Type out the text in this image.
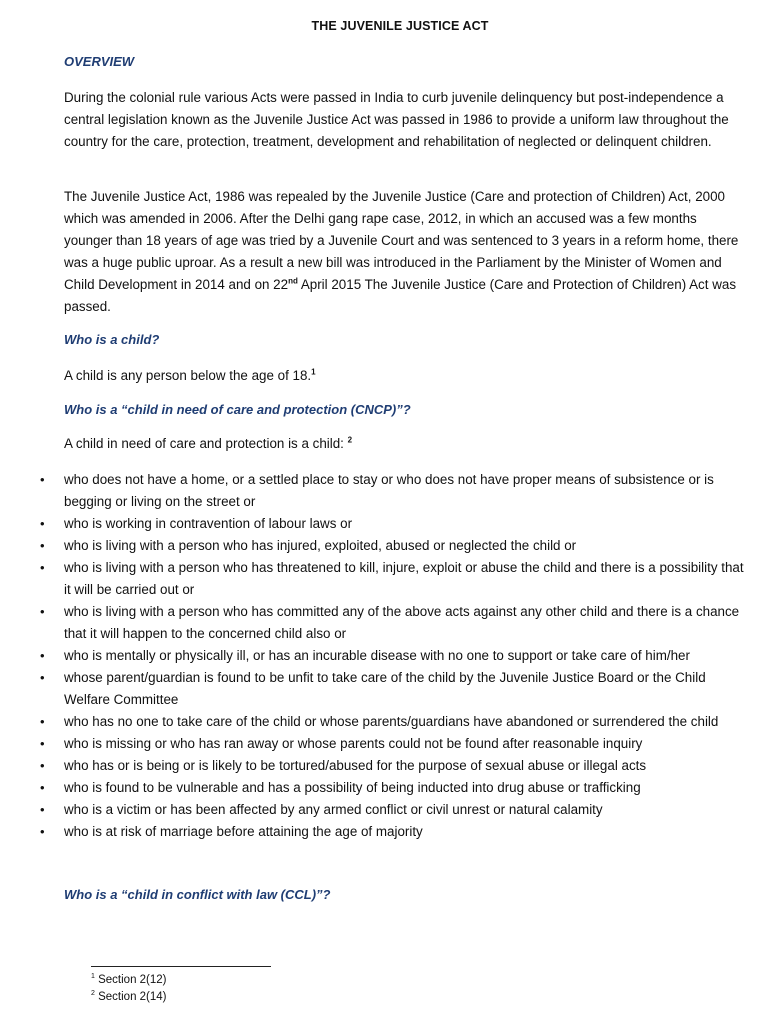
THE JUVENILE JUSTICE ACT
OVERVIEW

During the colonial rule various Acts were passed in India to curb juvenile delinquency but post-independence a central legislation known as the Juvenile Justice Act was passed in 1986 to provide a uniform law throughout the country for the care, protection, treatment, development and rehabilitation of neglected or delinquent children.

The Juvenile Justice Act, 1986 was repealed by the Juvenile Justice (Care and protection of Children) Act, 2000 which was amended in 2006. After the Delhi gang rape case, 2012, in which an accused was a few months younger than 18 years of age was tried by a Juvenile Court and was sentenced to 3 years in a reform home, there was a huge public uproar. As a result a new bill was introduced in the Parliament by the Minister of Women and Child Development in 2014 and on 22nd April 2015 The Juvenile Justice (Care and Protection of Children) Act was passed.

Who is a child?

A child is any person below the age of 18.$^1$

Who is a “child in need of care and protection (CNCP)”?

A child in need of care and protection is a child: $^2$

• who does not have a home, or a settled place to stay or who does not have proper means of subsistence or is begging or living on the street or
• who is working in contravention of labour laws or
• who is living with a person who has injured, exploited, abused or neglected the child or
• who is living with a person who has threatened to kill, injure, exploit or abuse the child and there is a possibility that it will be carried out or
• who is living with a person who has committed any of the above acts against any other child and there is a chance that it will happen to the concerned child also or
• who is mentally or physically ill, or has an incurable disease with no one to support or take care of him/her
• whose parent/guardian is found to be unfit to take care of the child by the Juvenile Justice Board or the Child Welfare Committee
• who has no one to take care of the child or whose parents/guardians have abandoned or surrendered the child
• who is missing or who has ran away or whose parents could not be found after reasonable inquiry
• who has or is being or is likely to be tortured/abused for the purpose of sexual abuse or illegal acts
• who is found to be vulnerable and has a possibility of being inducted into drug abuse or trafficking
• who is a victim or has been affected by any armed conflict or civil unrest or natural calamity
• who is at risk of marriage before attaining the age of majority
Who is a “child in conflict with law (CCL)”?
$^1$ Section 2(12)
$^2$ Section 2(14)
